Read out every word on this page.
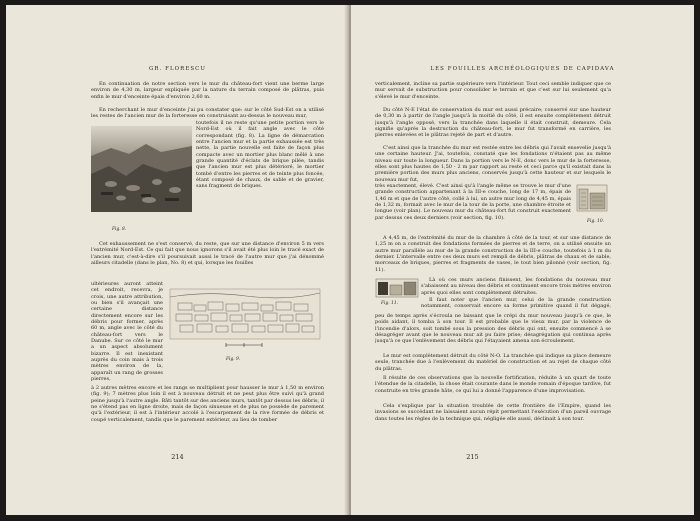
GR. FLORESCU

En continuation de notre section vers le mur du château-fort vient une berme large environ de 4,30 m, largeur expliquée par la nature du terrain composé de plâtras, puis enfin le mur d'enceinte épais d'environ 2,60 m.

En recherchant le mur d'enceinte j'ai pu constater que: sur le côté Sud-Est on a utilisé les restes de l'ancien mur de la forteresse en construisant au-dessus le nouveau mur,

Fig. 8.

toutefois il ne reste qu'une petite portion vers le Nord-Est où il fait angle avec le côté correspondant (fig. 8). La ligne de démarcation entre l'ancien mur et la partie exhaussée est très nette, la partie nouvelle est faite de façon plus compacte avec un mortier plus blanc mêlé à une grande quantité d'éclats de brique pilée, tandis que l'ancien mur est plus détérioré, le mortier tombé d'entre les pierres et de teinte plus foncée, étant composé de chaux, de sable et de gravier, sans fragment de briques.

Cet exhaussement ne s'est conservé, du reste, que sur une distance d'environ 5 m vers l'extrémité Nord-Est. Ce qui fait que nous ignorons s'il avait été plus loin le tracé exact de l'ancien mur, c'est-à-dire s'il poursuivait aussi le tracé de l'autre mur que j'ai dénommé ailleurs citadelle (dans le plan, No. 8) et qui, lorsque les fouilles

ultérieures auront atteint cet endroit, recevra, je crois, une autre attribution, ou bien s'il avançait une certaine distance directement encore sur les débris pour former, après 60 m, angle avec le côté du château-fort vers le Danube. Sur ce côté le mur a un aspect absolument bizarre. Il est inexistant auprès du coin mais à trois mètres environ de la, apparaît un rang de grosses pierres,

Fig. 9.

à 2 autres mètres encore et les rangs se multiplient pour hausser le mur à 1,50 m environ (fig. 9); 7 mètres plus loin il est à nouveau détruit et ne peut plus être suivi qu'à grand peine jusqu'à l'autre angle. Bâti tantôt sur des anciens murs, tantôt par dessus les débris, il ne s'étend pas en ligne droite, mais de façon sinueuse et de plus ne possède de parement qu'à l'extérieur, il est à l'intérieur accolé à l'escarpement de la rive formée de débris et coupé verticalement, tandis que le parement extérieur, au lieu de tomber

214
LES FOUILLES ARCHÉOLOGIQUES DE CAPIDAVA

verticalement, incline sa partie supérieure vers l'intérieur. Tout ceci semble indiquer que ce mur servait de substruction pour consolider le terrain et que c'est sur lui seulement qu'a s'élevé le mur d'enceinte.

Du côté N-E l'état de conservation du mur est aussi précaire; conservé sur une hauteur de 0,30 m à partir de l'angle jusqu'à la moitié du côté, il est ensuite complètement détruit jusqu'à l'angle opposé, vers la tranchée dans laquelle il était construit, demeure. Cela signifie qu'après la destruction du château-fort, le mur fut transformé en carrière, les pierres enlevées et le plâtras rejeté de part et d'autre.

C'est ainsi que la tranchée du mur est restée entre les débris qui l'avait ensevelie jusqu'à une certaine hauteur. J'ai, toutefois, constaté que les fondations n'étaient pas au même niveau sur toute la longueur. Dans la portion vers le N-E, donc vers le mur de la forteresse, elles sont plus hautes de 1,50 - 2 m par rapport au reste et ceci parce qu'il existait dans la première portion des murs plus anciens, conservés jusqu'à cette hauteur et sur lesquels le nouveau mur fut,

très exactement, élevé. C'est ainsi qu'à l'angle même se trouve le mur d'une grande construction appartenant à la III-e couche, long de 17 m, épais de 1,46 m et que de l'autre côté, collé à lui, un autre mur long de 4,45 m, épais de 1,32 m, formait avec le mur de la tour de la porte, une chambre étroite et longue (voir plan). Le nouveau mur du château-fort fut construit exactement par dessus ces deux derniers (voir section, fig. 10).

Fig. 10.

A 4,45 m, de l'extrémité du mur de la chambre à côté de la tour, et sur une distance de 1,25 m on a construit des fondations formées de pierres et de terre, on a utilisé ensuite un autre mur parallèle au mur de la grande construction de la III-e couche, toutefois à 1 m du dernier. L'intervalle entre ces deux murs est rempli de débris, plâtras de chaux et de sable, morceaux de briques, pierres et fragments de vases, le tout bien pilonné (voir section, fig. 11).

Fig. 11.

Là où ces murs anciens finissent, les fondations du nouveau mur s'abaissent au niveau des débris et continuent encore trois mètres environ après quoi elles sont complètement détruites.

Il faut noter que l'ancien mur, celui de la grande construction notamment, conservait encore sa forme primitive quand il fut dégagé,

peu de temps après s'écroula ne laissant que le crépi du mur nouveau jusqu'à ce que, le poids aidant, il tomba à son tour. Il est probable que le vieux mur, par la violence de l'incendie d'alors, soit tombé sous la pression des débris qui ont, ensuite commencé à se désagréger avant que le nouveau mur ait pu faire prise; désagrégation qui continua après jusqu'à ce que l'enlèvement des débris qui l'étayaient amena son écroulement.

Le mur est complètement détruit du côté N-O. La tranchée qui indique sa place demeure seule, tranchée due à l'enlèvement du matériel de construction et au rejet de chaque côté du plâtras.

Il résulte de ces observations que la nouvelle fortification, réduite à un quart de toute l'étendue de la citadelle, la chose était courante dans le monde romain d'époque tardive, fut construite en très grande hâte, ce qui lui a donné l'apparence d'une improvisation.

Cela s'explique par la situation troublée de cette frontière de l'Empire, quand les invasions se succédant ne laissaient aucun répit permettant l'exécution d'un pareil ouvrage dans toutes les règles de la technique qui, négligée elle aussi, déclinait à son tour.

215
